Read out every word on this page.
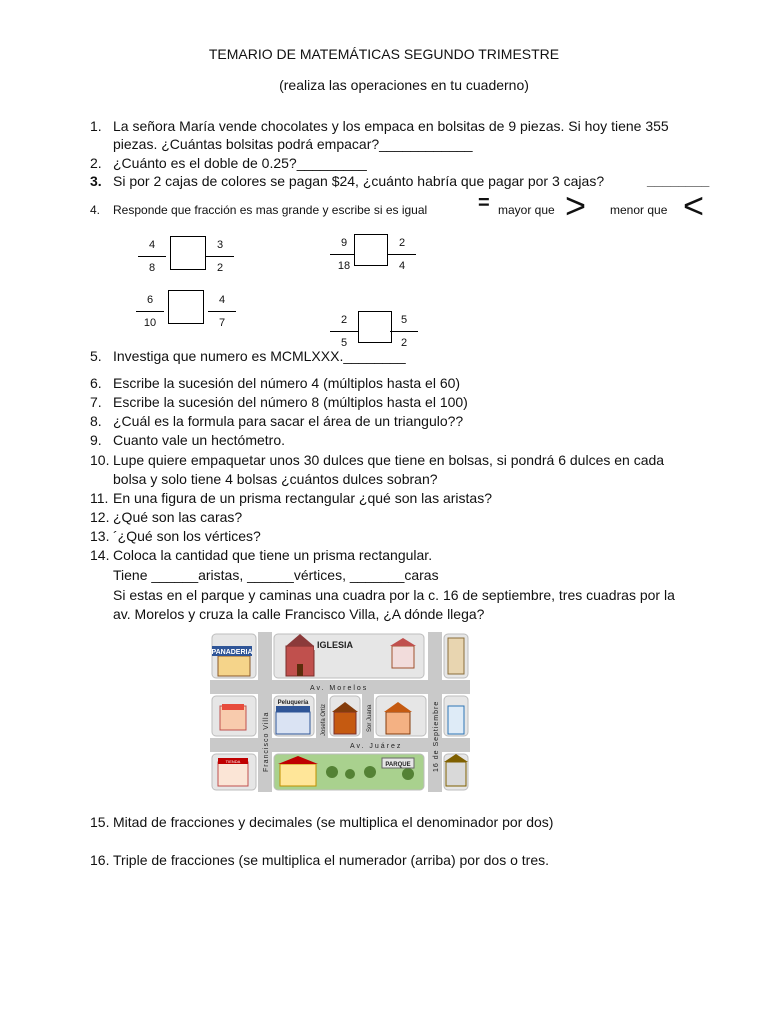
TEMARIO DE MATEMÁTICAS SEGUNDO TRIMESTRE
(realiza las operaciones en tu cuaderno)
1. La señora María vende chocolates y los empaca en bolsitas de 9 piezas. Si hoy tiene 355
piezas. ¿Cuántas bolsitas podrá empacar?____________
2. ¿Cuánto es el doble de 0.25?_________
3. Si por 2 cajas de colores se pagan $24, ¿cuánto habría que pagar por 3 cajas?	________
4. Responde que fracción es mas grande y escribe si es igual	= mayor que > menor que <
4
8
3
2
9
18
2
4
6
10
4
7	2
5
5
2
5. Investiga que numero es MCMLXXX.________
6. Escribe la sucesión del número 4 (múltiplos hasta el 60)
7. Escribe la sucesión del número 8 (múltiplos hasta el 100)
8. ¿Cuál es la formula para sacar el área de un triangulo??
9. Cuanto vale un hectómetro.
10. Lupe quiere empaquetar unos 30 dulces que tiene en bolsas, si pondrá 6 dulces en cada
bolsa y solo tiene 4 bolsas ¿cuántos dulces sobran?
11. En una figura de un prisma rectangular ¿qué son las aristas?
12. ¿Qué son las caras?
13. ´¿Qué son los vértices?
14. Coloca la cantidad que tiene un prisma rectangular.
Tiene ______aristas, ______vértices, _______caras
Si estas en el parque y caminas una cuadra por la c. 16 de septiembre, tres cuadras por la
av. Morelos y cruza la calle Francisco Villa, ¿A dónde llega?
PANADERIA
IGLESIA
Peluquería
TIENDA
PARQUE
Av. Morelos
Av. Juárez
Francisco Villa	Josefa Ortiz	Sor Juana	16 de Septiembre
15. Mitad de fracciones y decimales (se multiplica el denominador por dos)
16. Triple de fracciones (se multiplica el numerador (arriba) por dos o tres.
